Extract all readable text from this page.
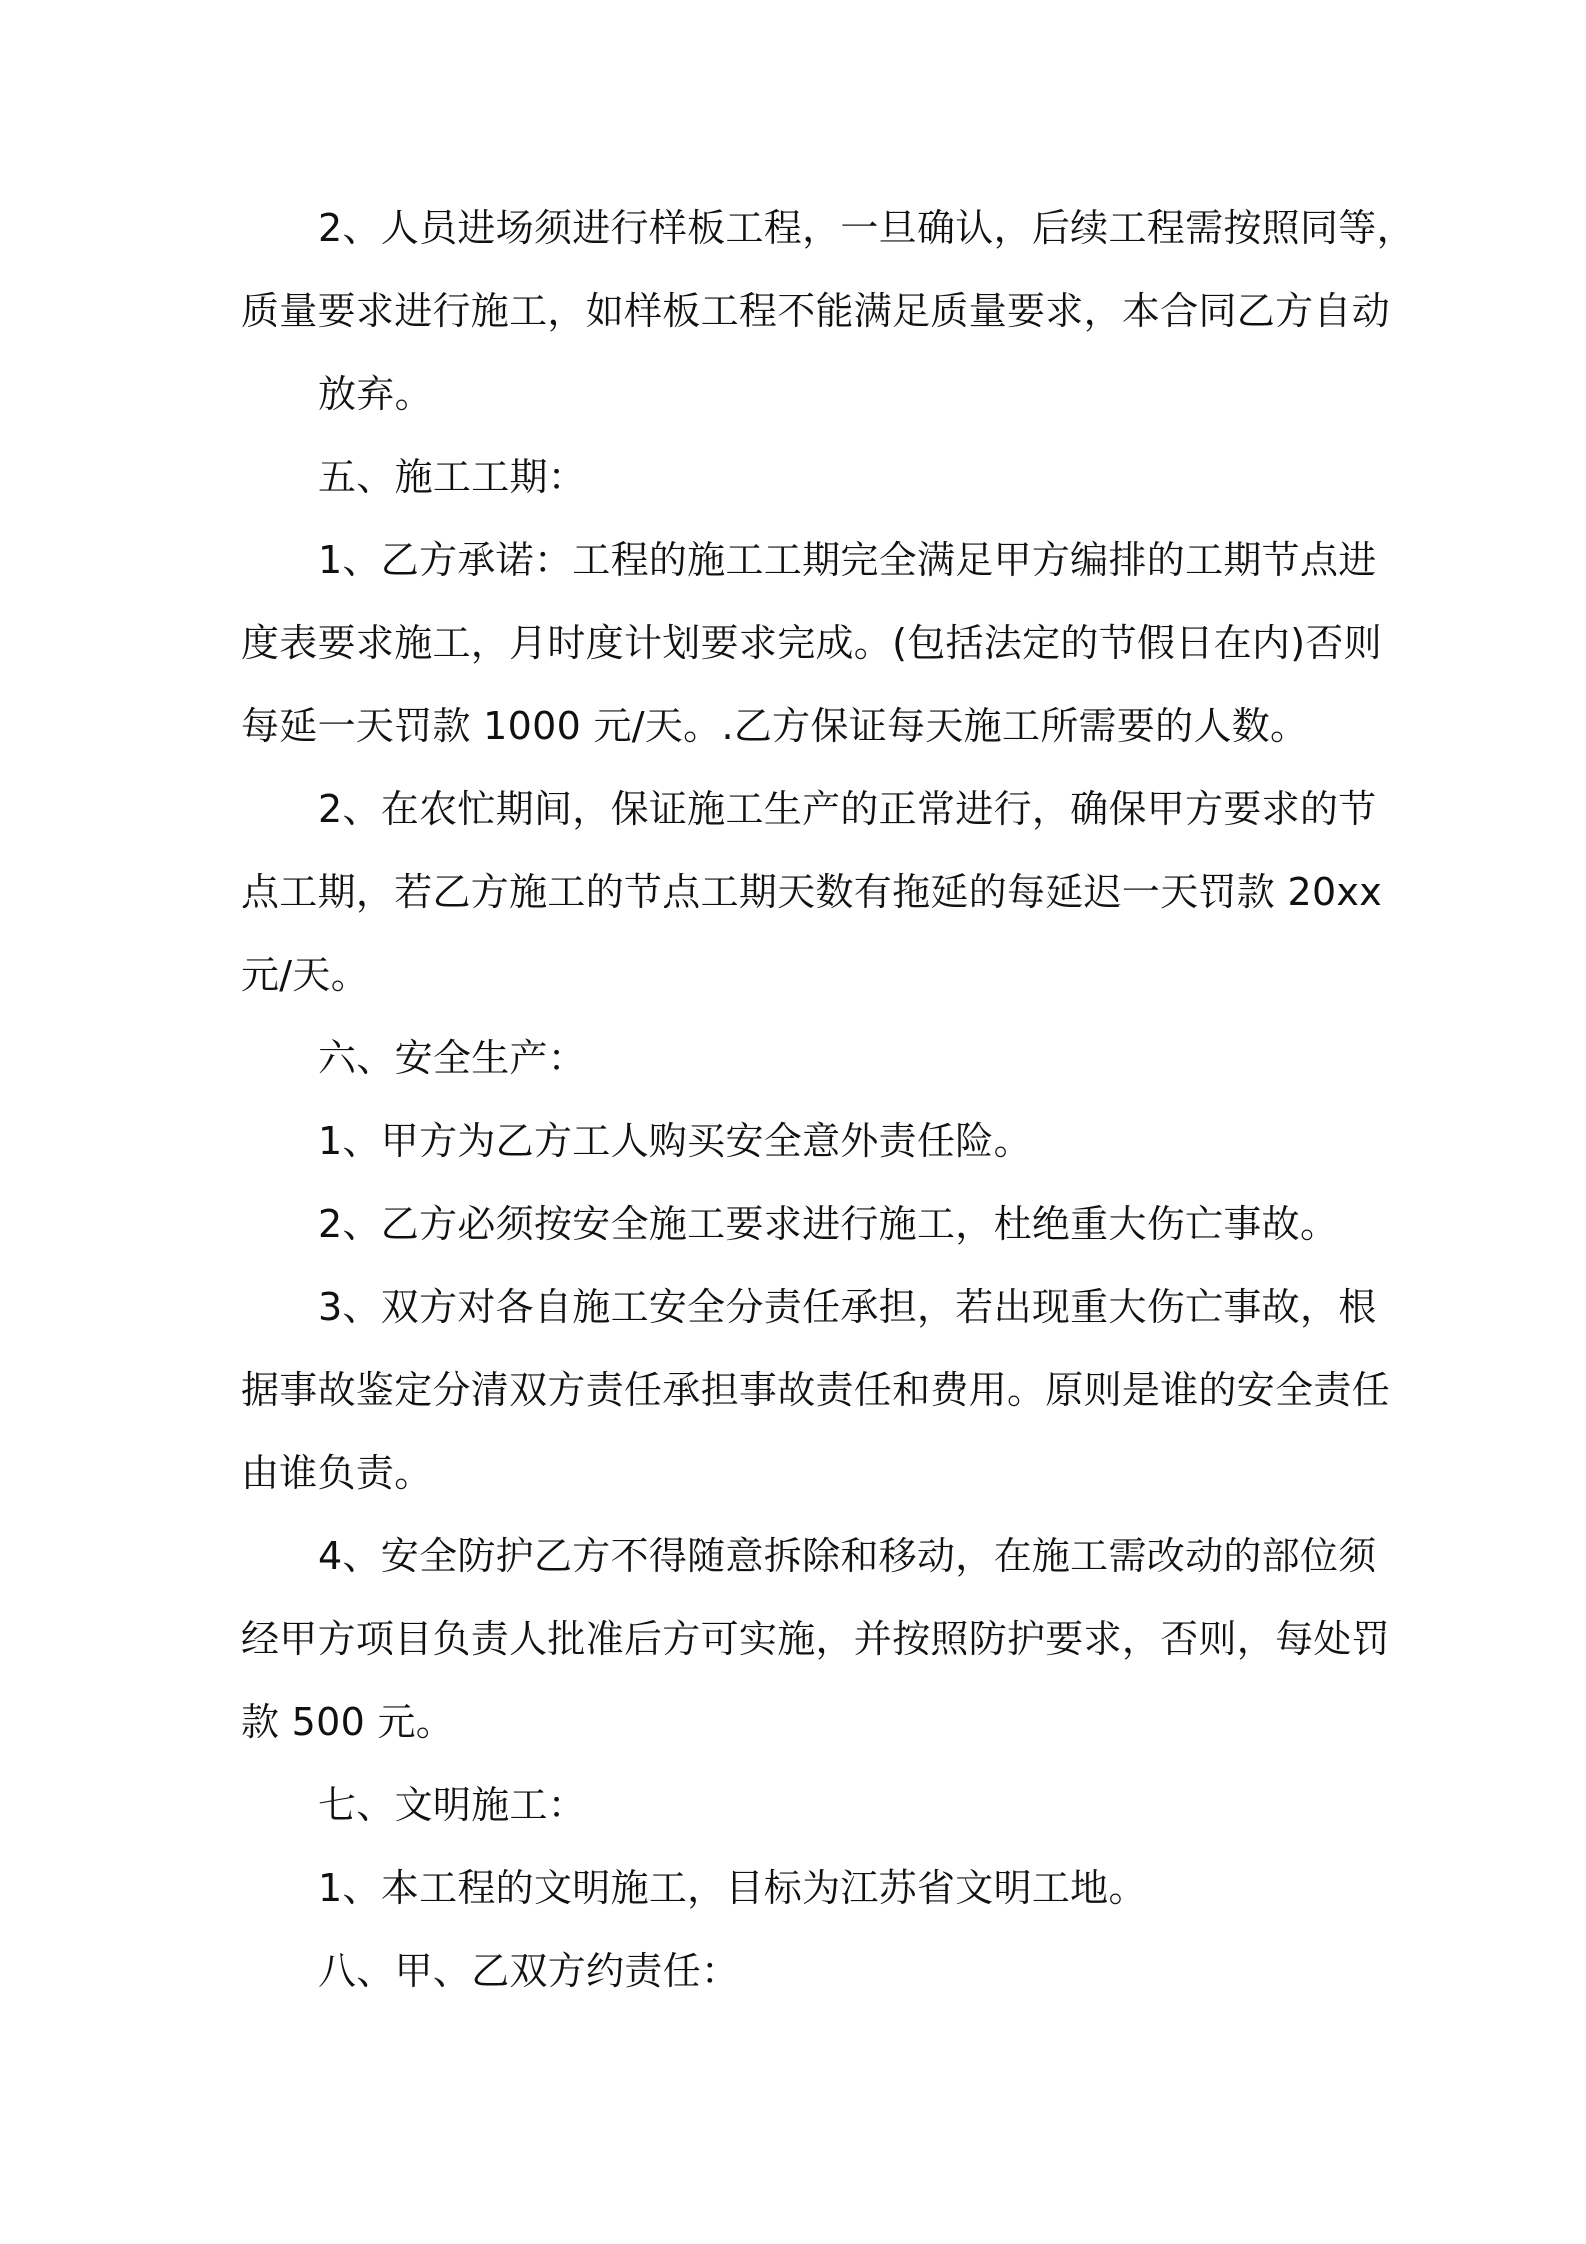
2、人员进场须进行样板工程，一旦确认，后续工程需按照同等，
质量要求进行施工，如样板工程不能满足质量要求，本合同乙方自动
放弃。
五、施工工期：
1、乙方承诺：工程的施工工期完全满足甲方编排的工期节点进
度表要求施工，月时度计划要求完成。(包括法定的节假日在内)否则
每延一天罚款 1000 元/天。.乙方保证每天施工所需要的人数。
2、在农忙期间，保证施工生产的正常进行，确保甲方要求的节
点工期，若乙方施工的节点工期天数有拖延的每延迟一天罚款 20xx
元/天。
六、安全生产：
1、甲方为乙方工人购买安全意外责任险。
2、乙方必须按安全施工要求进行施工，杜绝重大伤亡事故。
3、双方对各自施工安全分责任承担，若出现重大伤亡事故，根
据事故鉴定分清双方责任承担事故责任和费用。原则是谁的安全责任
由谁负责。
4、安全防护乙方不得随意拆除和移动，在施工需改动的部位须
经甲方项目负责人批准后方可实施，并按照防护要求，否则，每处罚
款 500 元。
七、文明施工：
1、本工程的文明施工，目标为江苏省文明工地。
八、甲、乙双方约责任：
